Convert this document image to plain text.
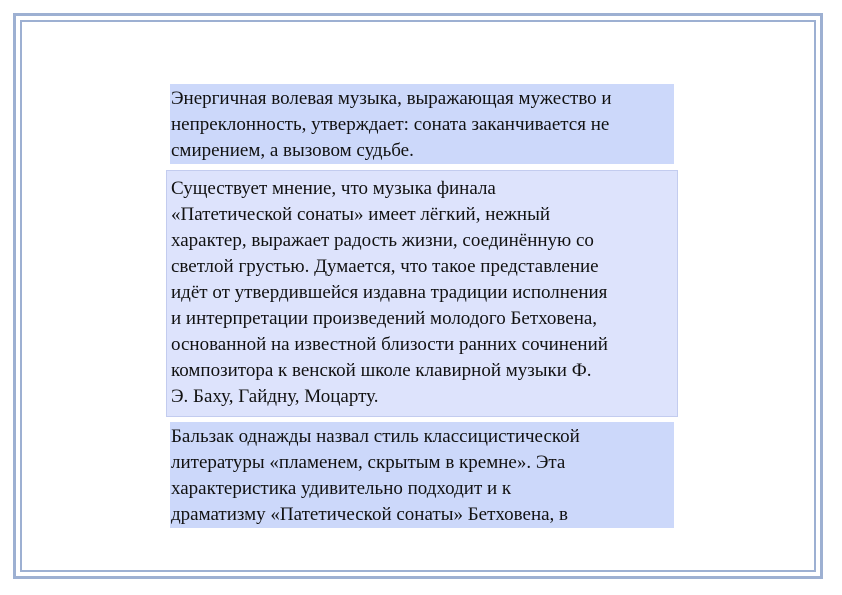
Энергичная волевая музыка, выражающая мужество и
непреклонность, утверждает: соната заканчивается не
смирением, а вызовом судьбе.
Существует мнение, что музыка финала
«Патетической сонаты» имеет лёгкий, нежный
характер, выражает радость жизни, соединённую со
светлой грустью. Думается, что такое представление
идёт от утвердившейся издавна традиции исполнения
и интерпретации произведений молодого Бетховена,
основанной на известной близости ранних сочинений
композитора к венской школе клавирной музыки Ф.
Э. Баху, Гайдну, Моцарту.
Бальзак однажды назвал стиль классицистической
литературы «пламенем, скрытым в кремне». Эта
характеристика удивительно подходит и к
драматизму «Патетической сонаты» Бетховена, в
